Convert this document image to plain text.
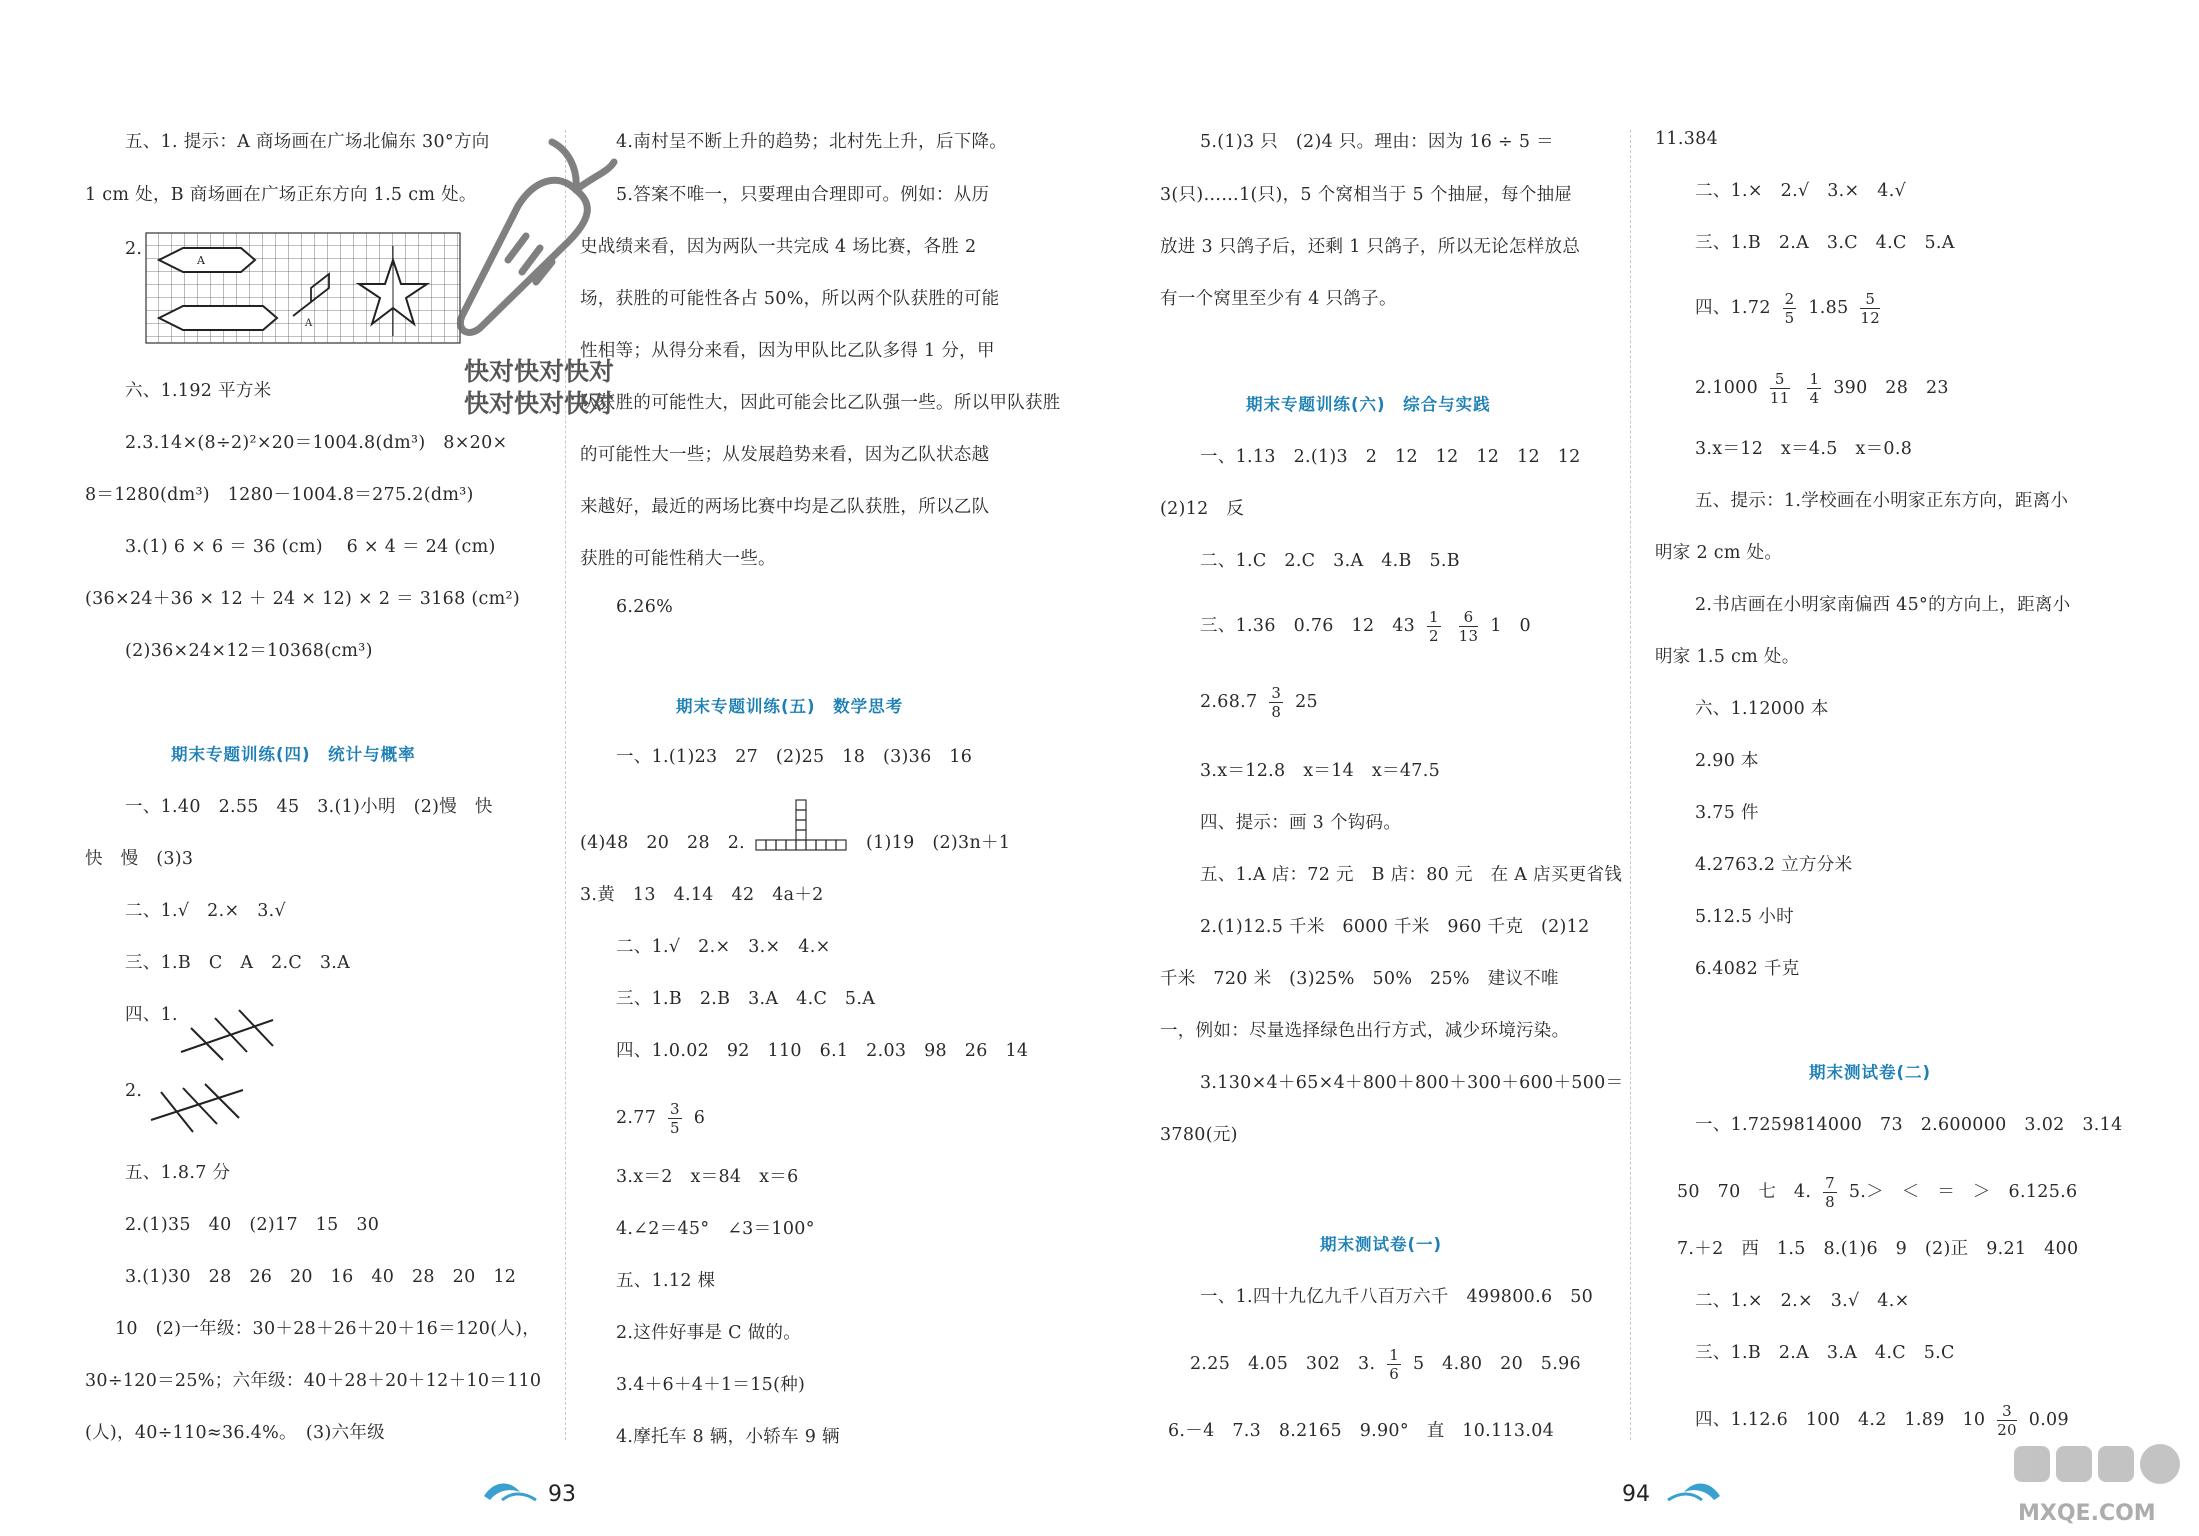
五、1. 提示：A 商场画在广场北偏东 30°方向
1 cm 处，B 商场画在广场正东方向 1.5 cm 处。
2.
A
A
六、1.192 平方米
2.3.14×(8÷2)²×20＝1004.8(dm³)　8×20×
8＝1280(dm³)　1280－1004.8＝275.2(dm³)
3.(1) 6 × 6 ＝ 36 (cm)　 6 × 4 ＝ 24 (cm)
(36×24＋36 × 12 ＋ 24 × 12) × 2 ＝ 3168 (cm²)
(2)36×24×12＝10368(cm³)
期末专题训练(四)　统计与概率
一、1.40　2.55　45　3.(1)小明　(2)慢　快
快　慢　(3)3
二、1.√　2.×　3.√
三、1.B　C　A　2.C　3.A
四、1.
2.
五、1.8.7 分
2.(1)35　40　(2)17　15　30
3.(1)30　28　26　20　16　40　28　20　12
10　(2)一年级：30＋28＋26＋20＋16＝120(人)，
30÷120＝25%；六年级：40＋28＋20＋12＋10＝110
(人)，40÷110≈36.4%。　(3)六年级
4.南村呈不断上升的趋势；北村先上升，后下降。
5.答案不唯一，只要理由合理即可。例如：从历
史战绩来看，因为两队一共完成 4 场比赛，各胜 2
场，获胜的可能性各占 50%，所以两个队获胜的可能
性相等；从得分来看，因为甲队比乙队多得 1 分，甲
队获胜的可能性大，因此可能会比乙队强一些。所以甲队获胜
的可能性大一些；从发展趋势来看，因为乙队状态越
来越好，最近的两场比赛中均是乙队获胜，所以乙队
获胜的可能性稍大一些。
6.26%
期末专题训练(五)　数学思考
一、1.(1)23　27　(2)25　18　(3)36　16
(4)48　20　28　2.	(1)19　(2)3n＋1
3.黄　13　4.14　42　4a＋2
二、1.√　2.×　3.×　4.×
三、1.B　2.B　3.A　4.C　5.A
四、1.0.02　92　110　6.1　2.03　98　26　14
$2.77 \frac{3}{5} 6$
3.x＝2　x＝84　x＝6
4.∠2＝45°　∠3＝100°
五、1.12 棵
2.这件好事是 C 做的。
3.4＋6＋4＋1＝15(种)
4.摩托车 8 辆，小轿车 9 辆
快对快对快对
快对快对快对
93
5.(1)3 只　(2)4 只。理由：因为 16 ÷ 5 ＝
3(只)……1(只)，5 个窝相当于 5 个抽屉，每个抽屉
放进 3 只鸽子后，还剩 1 只鸽子，所以无论怎样放总
有一个窝里至少有 4 只鸽子。
期末专题训练(六)　综合与实践
一、1.13　2.(1)3　2　12　12　12　12　12
(2)12　反
二、1.C　2.C　3.A　4.B　5.B
三、1.36　0.76　12　$43 \frac{1}{2}$
$\frac{6}{13} 1$　0
$2.68.7 \frac{3}{8} 25$
3.x＝12.8　x＝14　x＝47.5
四、提示：画 3 个钩码。
五、1.A 店：72 元　B 店：80 元　在 A 店买更省钱
2.(1)12.5 千米　6000 千米　960 千克　(2)12
千米　720 米　(3)25%　50%　25%　建议不唯
一，例如：尽量选择绿色出行方式，减少环境污染。
3.130×4＋65×4＋800＋800＋300＋600＋500＝
3780(元)
期末测试卷(一)
一、1.四十九亿九千八百万六千　499800.6　50
2.25　4.05　302　3. $\frac{1}{6} 5$　4.80　20　5.96
6.－4　7.3　8.2165　9.90°　直　10.113.04
94
11.384
二、1.×　2.√　3.×　4.√
三、1.B　2.A　3.C　4.C　5.A
四、$1.72 \frac{2}{5} 1.85 \frac{5}{12}$
$2.1000 \frac{5}{11}$
$\frac{1}{4} 390$　28　23
3.x＝12　x＝4.5　x＝0.8
五、提示：1.学校画在小明家正东方向，距离小
明家 2 cm 处。
2.书店画在小明家南偏西 45°的方向上，距离小
明家 1.5 cm 处。
六、1.12000 本
2.90 本
3.75 件
4.2763.2 立方分米
5.12.5 小时
6.4082 千克
期末测试卷(二)
一、1.7259814000　73　2.600000　3.02　3.14
50　70　七　4. $\frac{7}{8} 5.>$　＜　＝　＞　6.125.6
7.＋2　西　1.5　8.(1)6　9　(2)正　9.21　400
二、1.×　2.×　3.√　4.×
三、1.B　2.A　3.A　4.C　5.C
四、1.12.6　100　4.2　1.89　$10 \frac{3}{20} 0.09$
MXQE.COM
